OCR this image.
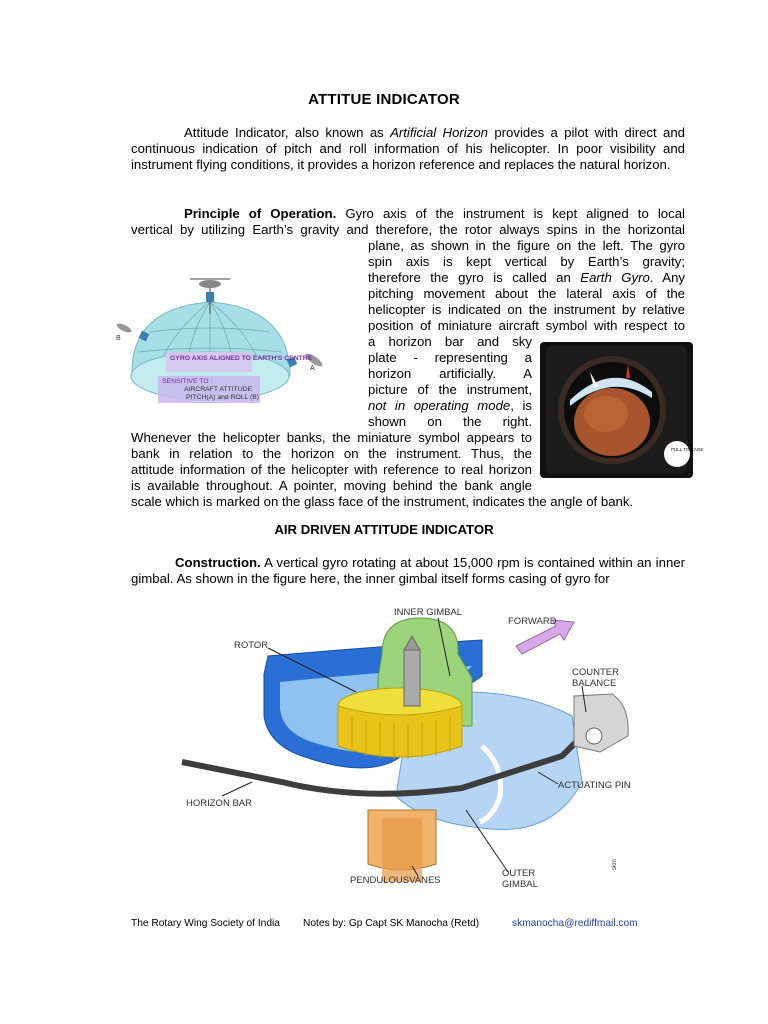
ATTITUE INDICATOR
Attitude Indicator, also known as Artificial Horizon provides a pilot with direct and continuous indication of pitch and roll information of his helicopter. In poor visibility and instrument flying conditions, it provides a horizon reference and replaces the natural horizon.
Principle of Operation. Gyro axis of the instrument is kept aligned to local
vertical by utilizing Earth’s gravity and therefore, the rotor always spins in the horizontal
plane, as shown in the figure on the left. The gyro
spin axis is kept vertical by Earth’s gravity;
therefore the gyro is called an Earth Gyro. Any
pitching movement about the lateral axis of the
helicopter is indicated on the instrument by relative
position of miniature aircraft symbol with respect to
a horizon bar and sky
plate - representing a
horizon artificially. A
picture of the instrument,
not in operating mode, is
shown on the right.
Whenever the helicopter banks, the miniature symbol appears to
bank in relation to the horizon on the instrument. Thus, the
attitude information of the helicopter with reference to real horizon
is available throughout. A pointer, moving behind the bank angle
scale which is marked on the glass face of the instrument, indicates the angle of bank.
B
A
GYRO AXIS ALIGNED TO EARTH'S CENTRE
SENSITIVE TO :
AIRCRAFT ATTITUDE
PITCH(A) and ROLL (B)
PULL TO CAGE
AIR DRIVEN ATTITUDE INDICATOR
Construction. A vertical gyro rotating at about 15,000 rpm is contained within an inner gimbal. As shown in the figure here, the inner gimbal itself forms casing of gyro for
INNER GIMBAL
FORWARD
ROTOR
COUNTER
BALANCE
ACTUATING PIN
HORIZON BAR
OUTER
GIMBAL
PENDULOUSVANES
skm
The Rotary Wing Society of India Notes by: Gp Capt SK Manocha (Retd)	skmanocha@rediffmail.com
